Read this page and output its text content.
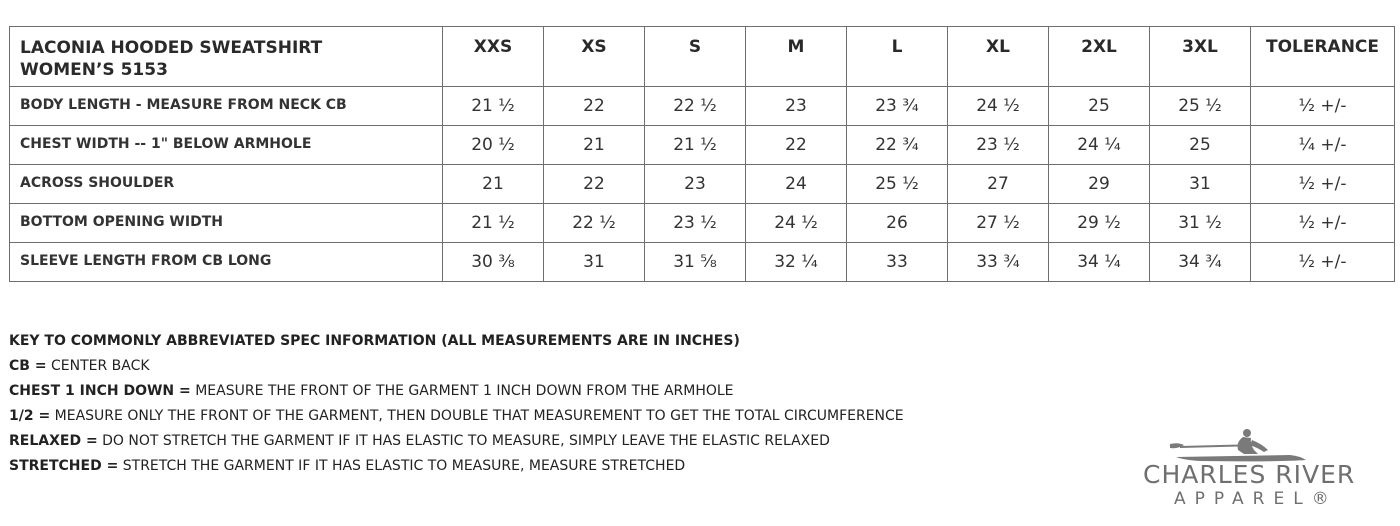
LACONIA HOODED SWEATSHIRT
WOMEN’S 5153	XXS	XS	S	M	L	XL	2XL	3XL	TOLERANCE
BODY LENGTH - MEASURE FROM NECK CB	21 ½	22	22 ½	23	23 ¾	24 ½	25	25 ½	½ +/-
CHEST WIDTH -- 1" BELOW ARMHOLE	20 ½	21	21 ½	22	22 ¾	23 ½	24 ¼	25	¼ +/-
ACROSS SHOULDER	21	22	23	24	25 ½	27	29	31	½ +/-
BOTTOM OPENING WIDTH	21 ½	22 ½	23 ½	24 ½	26	27 ½	29 ½	31 ½	½ +/-
SLEEVE LENGTH FROM CB LONG	30 ⅜	31	31 ⅝	32 ¼	33	33 ¾	34 ¼	34 ¾	½ +/-
KEY TO COMMONLY ABBREVIATED SPEC INFORMATION (ALL MEASUREMENTS ARE IN INCHES)
CB = CENTER BACK
CHEST 1 INCH DOWN = MEASURE THE FRONT OF THE GARMENT 1 INCH DOWN FROM THE ARMHOLE
1/2 = MEASURE ONLY THE FRONT OF THE GARMENT, THEN DOUBLE THAT MEASUREMENT TO GET THE TOTAL CIRCUMFERENCE
RELAXED = DO NOT STRETCH THE GARMENT IF IT HAS ELASTIC TO MEASURE, SIMPLY LEAVE THE ELASTIC RELAXED
STRETCHED = STRETCH THE GARMENT IF IT HAS ELASTIC TO MEASURE, MEASURE STRETCHED	CHARLES RIVER
APPAREL®
